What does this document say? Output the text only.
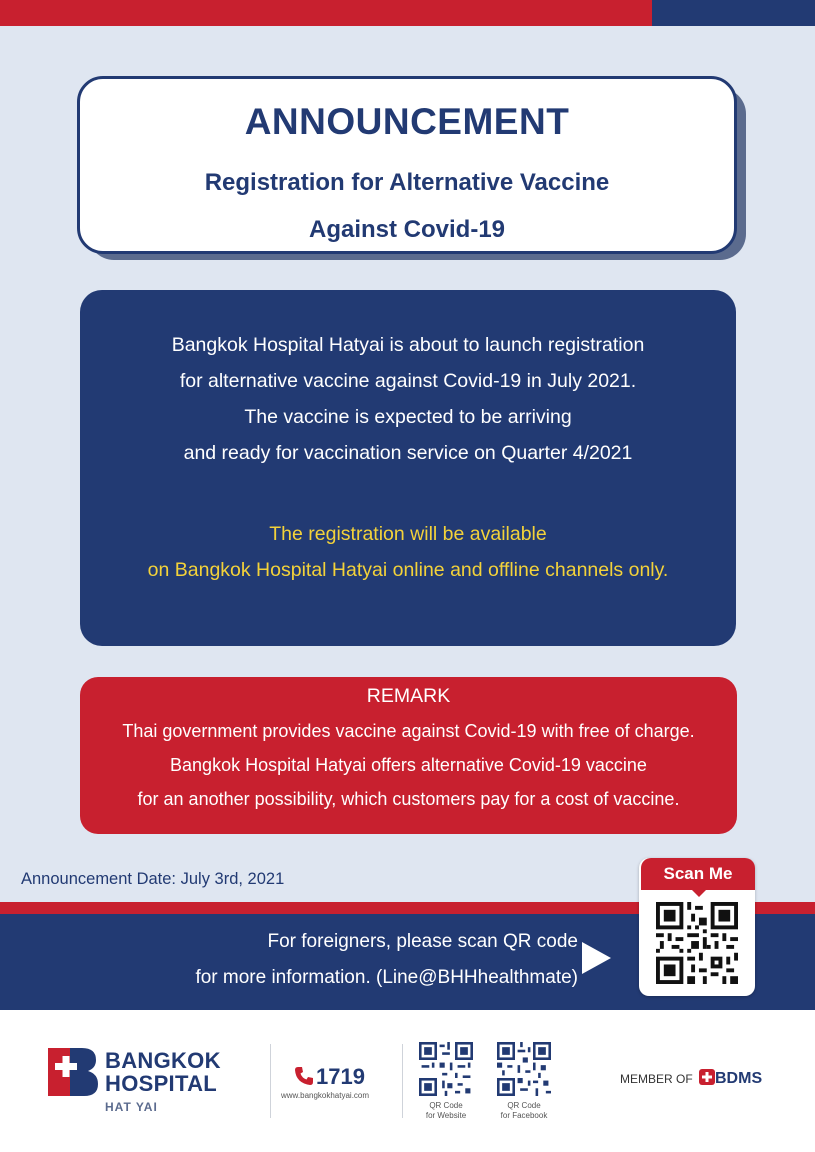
ANNOUNCEMENT
Registration for Alternative Vaccine
Against Covid-19
Bangkok Hospital Hatyai is about to launch registration
for alternative vaccine against Covid-19 in July 2021.
The vaccine is expected to be arriving
and ready for vaccination service on Quarter 4/2021
The registration will be available
on Bangkok Hospital Hatyai online and offline channels only.
REMARK
Thai government provides vaccine against Covid-19 with free of charge.
Bangkok Hospital Hatyai offers alternative Covid-19 vaccine
for an another possibility, which customers pay for a cost of vaccine.
Announcement Date: July 3rd, 2021
For foreigners, please scan QR code
for more information. (Line@BHHhealthmate)
Scan Me
BANGKOK
HOSPITAL
HAT YAI
1719
www.bangkokhatyai.com
QR Code
for Website
QR Code
for Facebook
MEMBER OF	BDMS
